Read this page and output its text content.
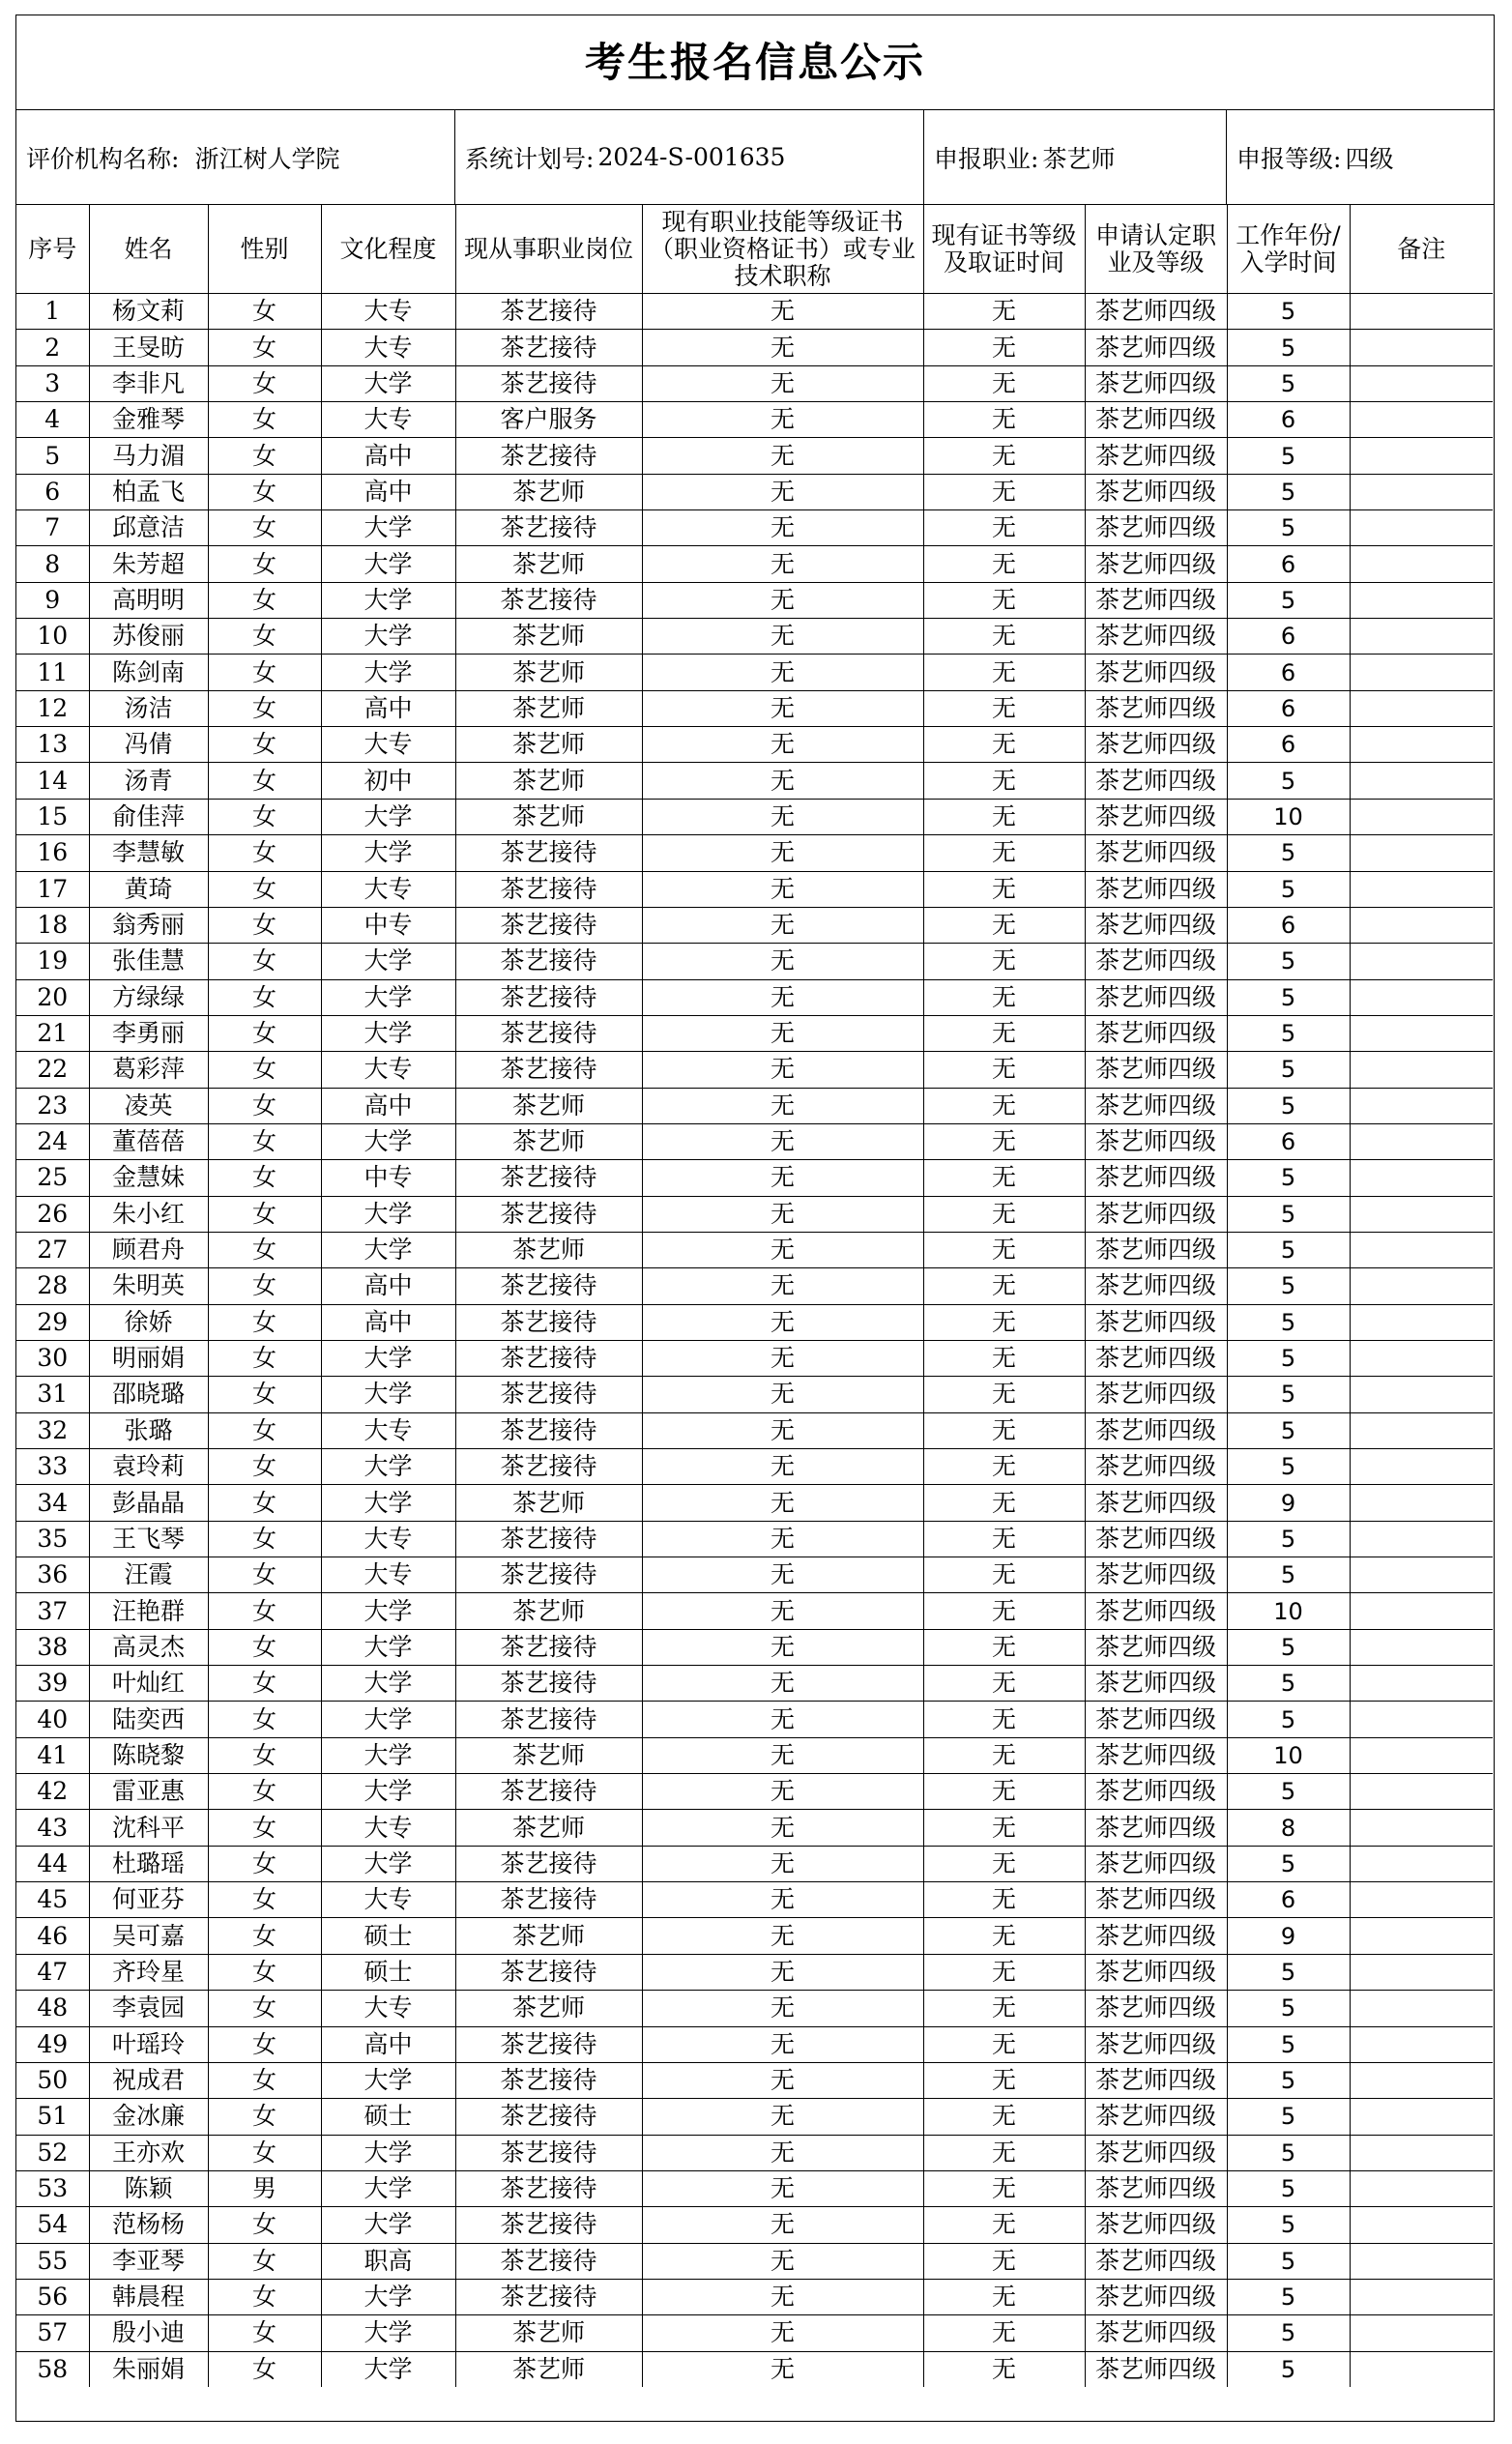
考生报名信息公示
评价机构名称: 浙江树人学院	系统计划号: 2024-S-001635	申报职业: 茶艺师	申报等级: 四级
序号	姓名	性别	文化程度	现从事职业岗位	现有职业技能等级证书（职业资格证书）或专业技术职称	现有证书等级及取证时间	申请认定职业及等级	工作年份/入学时间	备注
1	杨文莉	女	大专	茶艺接待	无	无	茶艺师四级	5	
2	王旻昉	女	大专	茶艺接待	无	无	茶艺师四级	5	
3	李非凡	女	大学	茶艺接待	无	无	茶艺师四级	5	
4	金雅琴	女	大专	客户服务	无	无	茶艺师四级	6	
5	马力湄	女	高中	茶艺接待	无	无	茶艺师四级	5	
6	柏孟飞	女	高中	茶艺师	无	无	茶艺师四级	5	
7	邱意洁	女	大学	茶艺接待	无	无	茶艺师四级	5	
8	朱芳超	女	大学	茶艺师	无	无	茶艺师四级	6	
9	高明明	女	大学	茶艺接待	无	无	茶艺师四级	5	
10	苏俊丽	女	大学	茶艺师	无	无	茶艺师四级	6	
11	陈剑南	女	大学	茶艺师	无	无	茶艺师四级	6	
12	汤洁	女	高中	茶艺师	无	无	茶艺师四级	6	
13	冯倩	女	大专	茶艺师	无	无	茶艺师四级	6	
14	汤青	女	初中	茶艺师	无	无	茶艺师四级	5	
15	俞佳萍	女	大学	茶艺师	无	无	茶艺师四级	10	
16	李慧敏	女	大学	茶艺接待	无	无	茶艺师四级	5	
17	黄琦	女	大专	茶艺接待	无	无	茶艺师四级	5	
18	翁秀丽	女	中专	茶艺接待	无	无	茶艺师四级	6	
19	张佳慧	女	大学	茶艺接待	无	无	茶艺师四级	5	
20	方绿绿	女	大学	茶艺接待	无	无	茶艺师四级	5	
21	李勇丽	女	大学	茶艺接待	无	无	茶艺师四级	5	
22	葛彩萍	女	大专	茶艺接待	无	无	茶艺师四级	5	
23	凌英	女	高中	茶艺师	无	无	茶艺师四级	5	
24	董蓓蓓	女	大学	茶艺师	无	无	茶艺师四级	6	
25	金慧妹	女	中专	茶艺接待	无	无	茶艺师四级	5	
26	朱小红	女	大学	茶艺接待	无	无	茶艺师四级	5	
27	顾君舟	女	大学	茶艺师	无	无	茶艺师四级	5	
28	朱明英	女	高中	茶艺接待	无	无	茶艺师四级	5	
29	徐娇	女	高中	茶艺接待	无	无	茶艺师四级	5	
30	明丽娟	女	大学	茶艺接待	无	无	茶艺师四级	5	
31	邵晓璐	女	大学	茶艺接待	无	无	茶艺师四级	5	
32	张璐	女	大专	茶艺接待	无	无	茶艺师四级	5	
33	袁玲莉	女	大学	茶艺接待	无	无	茶艺师四级	5	
34	彭晶晶	女	大学	茶艺师	无	无	茶艺师四级	9	
35	王飞琴	女	大专	茶艺接待	无	无	茶艺师四级	5	
36	汪霞	女	大专	茶艺接待	无	无	茶艺师四级	5	
37	汪艳群	女	大学	茶艺师	无	无	茶艺师四级	10	
38	高灵杰	女	大学	茶艺接待	无	无	茶艺师四级	5	
39	叶灿红	女	大学	茶艺接待	无	无	茶艺师四级	5	
40	陆奕西	女	大学	茶艺接待	无	无	茶艺师四级	5	
41	陈晓黎	女	大学	茶艺师	无	无	茶艺师四级	10	
42	雷亚惠	女	大学	茶艺接待	无	无	茶艺师四级	5	
43	沈科平	女	大专	茶艺师	无	无	茶艺师四级	8	
44	杜璐瑶	女	大学	茶艺接待	无	无	茶艺师四级	5	
45	何亚芬	女	大专	茶艺接待	无	无	茶艺师四级	6	
46	吴可嘉	女	硕士	茶艺师	无	无	茶艺师四级	9	
47	齐玲星	女	硕士	茶艺接待	无	无	茶艺师四级	5	
48	李袁园	女	大专	茶艺师	无	无	茶艺师四级	5	
49	叶瑶玲	女	高中	茶艺接待	无	无	茶艺师四级	5	
50	祝成君	女	大学	茶艺接待	无	无	茶艺师四级	5	
51	金冰廉	女	硕士	茶艺接待	无	无	茶艺师四级	5	
52	王亦欢	女	大学	茶艺接待	无	无	茶艺师四级	5	
53	陈颖	男	大学	茶艺接待	无	无	茶艺师四级	5	
54	范杨杨	女	大学	茶艺接待	无	无	茶艺师四级	5	
55	李亚琴	女	职高	茶艺接待	无	无	茶艺师四级	5	
56	韩晨程	女	大学	茶艺接待	无	无	茶艺师四级	5	
57	殷小迪	女	大学	茶艺师	无	无	茶艺师四级	5	
58	朱丽娟	女	大学	茶艺师	无	无	茶艺师四级	5	
